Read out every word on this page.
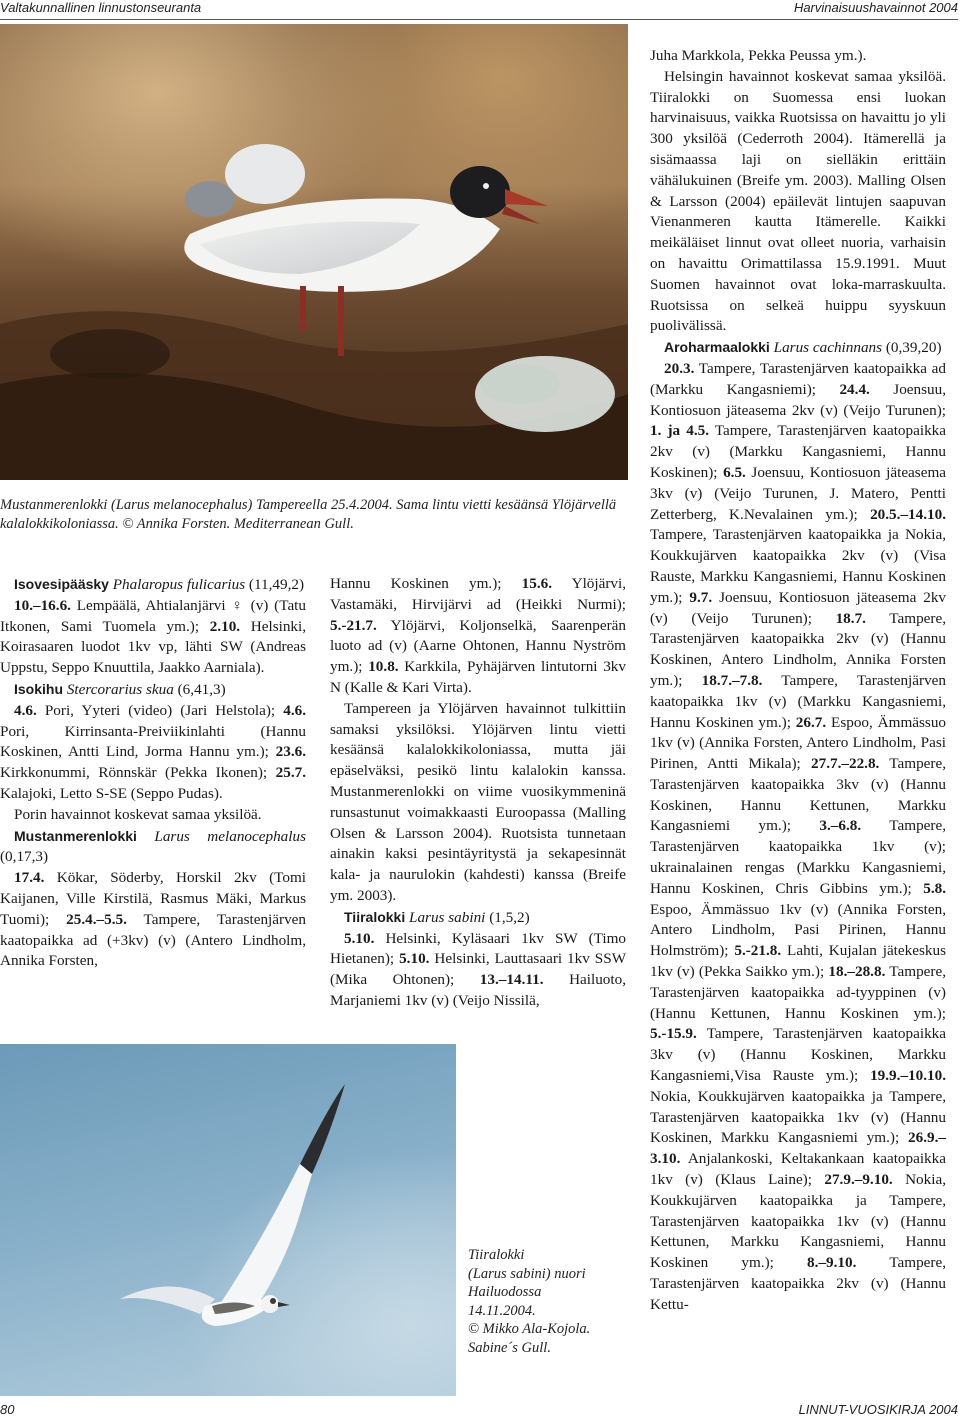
Valtakunnallinen linnustonseuranta	Harvinaisuushavainnot 2004
Mustanmerenlokki (Larus melanocephalus) Tampereella 25.4.2004. Sama lintu vietti kesäänsä Ylöjärvellä kalalokkikoloniassa. © Annika Forsten. Mediterranean Gull.
Tiiralokki
(Larus sabini) nuori
Hailuodossa
14.11.2004.
© Mikko Ala-Kojola.
Sabine´s Gull.

Isovesipääsky Phalaropus fulicarius (11,49,2)

10.–16.6. Lempäälä, Ahtialanjärvi ♀ (v) (Tatu Itkonen, Sami Tuomela ym.); 2.10. Helsinki, Koirasaaren luodot 1kv vp, lähti SW (Andreas Uppstu, Seppo Knuuttila, Jaakko Aarniala).

Isokihu Stercorarius skua (6,41,3)

4.6. Pori, Yyteri (video) (Jari Helstola); 4.6. Pori, Kirrinsanta-Preiviikinlahti (Hannu Koskinen, Antti Lind, Jorma Hannu ym.); 23.6. Kirkkonummi, Rönnskär (Pekka Ikonen); 25.7. Kalajoki, Letto S-SE (Seppo Pudas).

Porin havainnot koskevat samaa yksilöä.

Mustanmerenlokki Larus melanocephalus (0,17,3)

17.4. Kökar, Söderby, Horskil 2kv (Tomi Kaijanen, Ville Kirstilä, Rasmus Mäki, Markus Tuomi); 25.4.–5.5. Tampere, Tarastenjärven kaatopaikka ad (+3kv) (v) (Antero Lindholm, Annika Forsten,

Hannu Koskinen ym.); 15.6. Ylöjärvi, Vastamäki, Hirvijärvi ad (Heikki Nurmi); 5.-21.7. Ylöjärvi, Koljonselkä, Saarenperän luoto ad (v) (Aarne Ohtonen, Hannu Nyström ym.); 10.8. Karkkila, Pyhäjärven lintutorni 3kv N (Kalle & Kari Virta).

Tampereen ja Ylöjärven havainnot tulkittiin samaksi yksilöksi. Ylöjärven lintu vietti kesäänsä kalalokkikoloniassa, mutta jäi epäselväksi, pesikö lintu kalalokin kanssa. Mustanmerenlokki on viime vuosikymmeninä runsastunut voimakkaasti Euroopassa (Malling Olsen & Larsson 2004). Ruotsista tunnetaan ainakin kaksi pesintäyritystä ja sekapesinnät kala- ja naurulokin (kahdesti) kanssa (Breife ym. 2003).

Tiiralokki Larus sabini (1,5,2)

5.10. Helsinki, Kyläsaari 1kv SW (Timo Hietanen); 5.10. Helsinki, Lauttasaari 1kv SSW (Mika Ohtonen); 13.–14.11. Hailuoto, Marjaniemi 1kv (v) (Veijo Nissilä,

Juha Markkola, Pekka Peussa ym.).

Helsingin havainnot koskevat samaa yksilöä. Tiiralokki on Suomessa ensi luokan harvinaisuus, vaikka Ruotsissa on havaittu jo yli 300 yksilöä (Cederroth 2004). Itämerellä ja sisämaassa laji on sielläkin erittäin vähälukuinen (Breife ym. 2003). Malling Olsen & Larsson (2004) epäilevät lintujen saapuvan Vienanmeren kautta Itämerelle. Kaikki meikäläiset linnut ovat olleet nuoria, varhaisin on havaittu Orimattilassa 15.9.1991. Muut Suomen havainnot ovat loka-marraskuulta. Ruotsissa on selkeä huippu syyskuun puolivälissä.

Aroharmaalokki Larus cachinnans (0,39,20)

20.3. Tampere, Tarastenjärven kaatopaikka ad (Markku Kangasniemi); 24.4. Joensuu, Kontiosuon jäteasema 2kv (v) (Veijo Turunen); 1. ja 4.5. Tampere, Tarastenjärven kaatopaikka 2kv (v) (Markku Kangasniemi, Hannu Koskinen); 6.5. Joensuu, Kontiosuon jäteasema 3kv (v) (Veijo Turunen, J. Matero, Pentti Zetterberg, K.Nevalainen ym.); 20.5.–14.10. Tampere, Tarastenjärven kaatopaikka ja Nokia, Koukkujärven kaatopaikka 2kv (v) (Visa Rauste, Markku Kangasniemi, Hannu Koskinen ym.); 9.7. Joensuu, Kontiosuon jäteasema 2kv (v) (Veijo Turunen); 18.7. Tampere, Tarastenjärven kaatopaikka 2kv (v) (Hannu Koskinen, Antero Lindholm, Annika Forsten ym.); 18.7.–7.8. Tampere, Tarastenjärven kaatopaikka 1kv (v) (Markku Kangasniemi, Hannu Koskinen ym.); 26.7. Espoo, Ämmässuo 1kv (v) (Annika Forsten, Antero Lindholm, Pasi Pirinen, Antti Mikala); 27.7.–22.8. Tampere, Tarastenjärven kaatopaikka 3kv (v) (Hannu Koskinen, Hannu Kettunen, Markku Kangasniemi ym.); 3.–6.8. Tampere, Tarastenjärven kaatopaikka 1kv (v); ukrainalainen rengas (Markku Kangasniemi, Hannu Koskinen, Chris Gibbins ym.); 5.8. Espoo, Ämmässuo 1kv (v) (Annika Forsten, Antero Lindholm, Pasi Pirinen, Hannu Holmström); 5.-21.8. Lahti, Kujalan jätekeskus 1kv (v) (Pekka Saikko ym.); 18.–28.8. Tampere, Tarastenjärven kaatopaikka ad-tyyppinen (v) (Hannu Kettunen, Hannu Koskinen ym.); 5.-15.9. Tampere, Tarastenjärven kaatopaikka 3kv (v) (Hannu Koskinen, Markku Kangasniemi,Visa Rauste ym.); 19.9.–10.10. Nokia, Koukkujärven kaatopaikka ja Tampere, Tarastenjärven kaatopaikka 1kv (v) (Hannu Koskinen, Markku Kangasniemi ym.); 26.9.–3.10. Anjalankoski, Keltakankaan kaatopaikka 1kv (v) (Klaus Laine); 27.9.–9.10. Nokia, Koukkujärven kaatopaikka ja Tampere, Tarastenjärven kaatopaikka 1kv (v) (Hannu Kettunen, Markku Kangasniemi, Hannu Koskinen ym.); 8.–9.10. Tampere, Tarastenjärven kaatopaikka 2kv (v) (Hannu Kettu-

80	LINNUT-VUOSIKIRJA 2004
